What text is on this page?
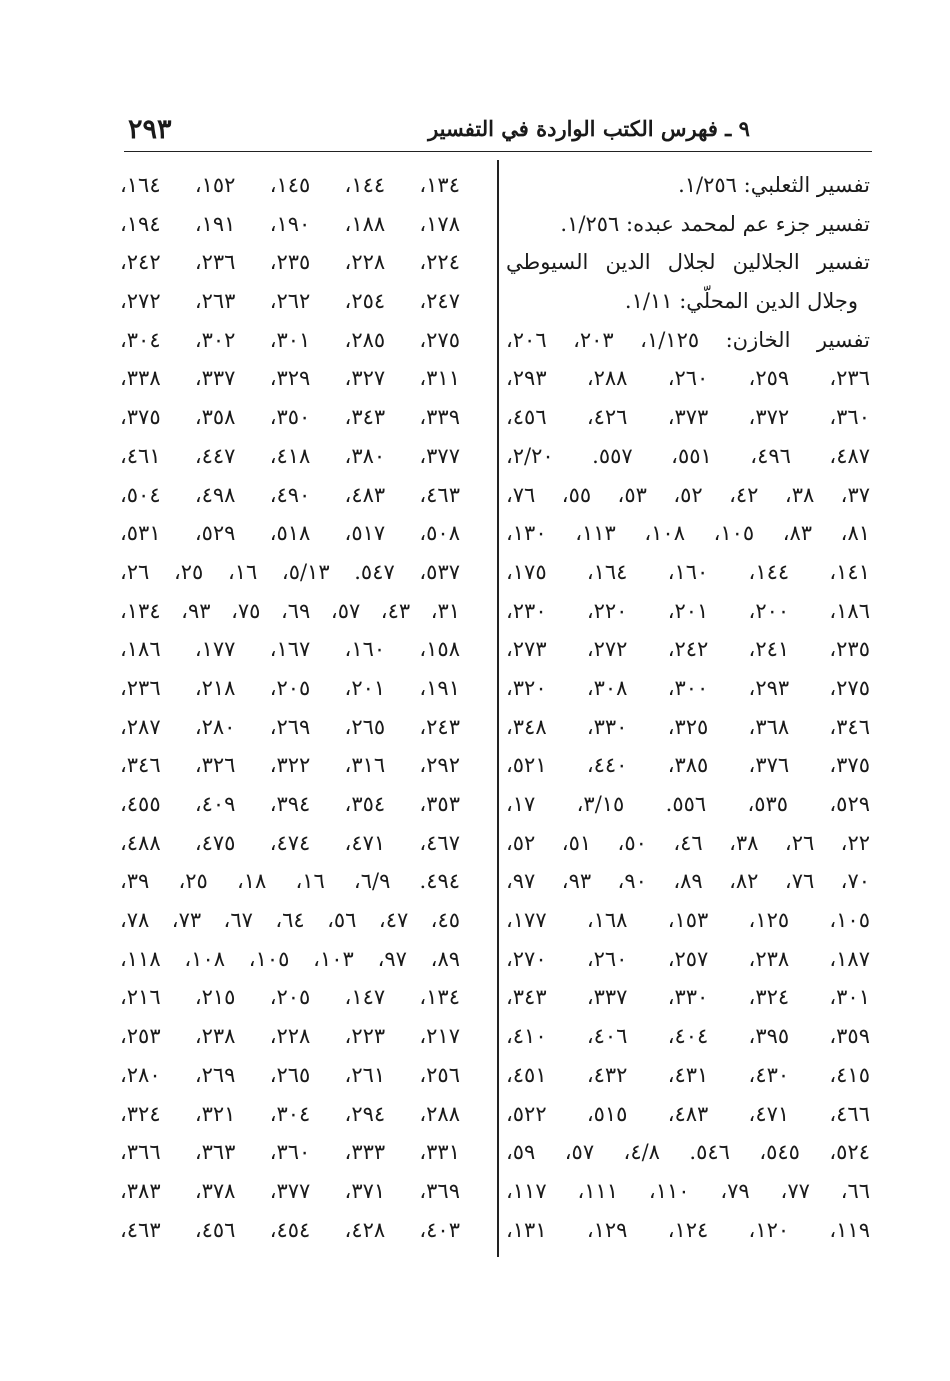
٢٩٣	٩ ـ فهرس الكتب الواردة في التفسير
تفسير الثعلبي: ١/٢٥٦.
تفسير جزء عم لمحمد عبده: ١/٢٥٦.
تفسير الجلالين لجلال الدين السيوطي
وجلال الدين المحلّي: ١/١١.
تفسير الخازن: ١/١٢٥، ٢٠٣، ٢٠٦،
٢٣٦، ٢٥٩، ٢٦٠، ٢٨٨، ٢٩٣،
٣٦٠، ٣٧٢، ٣٧٣، ٤٢٦، ٤٥٦،
٤٨٧، ٤٩٦، ٥٥١، ٥٥٧. ٢/٢٠،
٣٧، ٣٨، ٤٢، ٥٢، ٥٣، ٥٥، ٧٦،
٨١، ٨٣، ١٠٥، ١٠٨، ١١٣، ١٣٠،
١٤١، ١٤٤، ١٦٠، ١٦٤، ١٧٥،
١٨٦، ٢٠٠، ٢٠١، ٢٢٠، ٢٣٠،
٢٣٥، ٢٤١، ٢٤٢، ٢٧٢، ٢٧٣،
٢٧٥، ٢٩٣، ٣٠٠، ٣٠٨، ٣٢٠،
٣٤٦، ٣٦٨، ٣٢٥، ٣٣٠، ٣٤٨،
٣٧٥، ٣٧٦، ٣٨٥، ٤٤٠، ٥٢١،
٥٢٩، ٥٣٥، ٥٥٦. ٣/١٥، ١٧،
٢٢، ٢٦، ٣٨، ٤٦، ٥٠، ٥١، ٥٢،
٧٠، ٧٦، ٨٢، ٨٩، ٩٠، ٩٣، ٩٧،
١٠٥، ١٢٥، ١٥٣، ١٦٨، ١٧٧،
١٨٧، ٢٣٨، ٢٥٧، ٢٦٠، ٢٧٠،
٣٠١، ٣٢٤، ٣٣٠، ٣٣٧، ٣٤٣،
٣٥٩، ٣٩٥، ٤٠٤، ٤٠٦، ٤١٠،
٤١٥، ٤٣٠، ٤٣١، ٤٣٢، ٤٥١،
٤٦٦، ٤٧١، ٤٨٣، ٥١٥، ٥٢٢،
٥٢٤، ٥٤٥، ٥٤٦. ٤/٨، ٥٧، ٥٩،
٦٦، ٧٧، ٧٩، ١١٠، ١١١، ١١٧،
١١٩، ١٢٠، ١٢٤، ١٢٩، ١٣١،
١٣٤، ١٤٤، ١٤٥، ١٥٢، ١٦٤،
١٧٨، ١٨٨، ١٩٠، ١٩١، ١٩٤،
٢٢٤، ٢٢٨، ٢٣٥، ٢٣٦، ٢٤٢،
٢٤٧، ٢٥٤، ٢٦٢، ٢٦٣، ٢٧٢،
٢٧٥، ٢٨٥، ٣٠١، ٣٠٢، ٣٠٤،
٣١١، ٣٢٧، ٣٢٩، ٣٣٧، ٣٣٨،
٣٣٩، ٣٤٣، ٣٥٠، ٣٥٨، ٣٧٥،
٣٧٧، ٣٨٠، ٤١٨، ٤٤٧، ٤٦١،
٤٦٣، ٤٨٣، ٤٩٠، ٤٩٨، ٥٠٤،
٥٠٨، ٥١٧، ٥١٨، ٥٢٩، ٥٣١،
٥٣٧، ٥٤٧. ٥/١٣، ١٦، ٢٥، ٢٦،
٣١، ٤٣، ٥٧، ٦٩، ٧٥، ٩٣، ١٣٤،
١٥٨، ١٦٠، ١٦٧، ١٧٧، ١٨٦،
١٩١، ٢٠١، ٢٠٥، ٢١٨، ٢٣٦،
٢٤٣، ٢٦٥، ٢٦٩، ٢٨٠، ٢٨٧،
٢٩٢، ٣١٦، ٣٢٢، ٣٢٦، ٣٤٦،
٣٥٣، ٣٥٤، ٣٩٤، ٤٠٩، ٤٥٥،
٤٦٧، ٤٧١، ٤٧٤، ٤٧٥، ٤٨٨،
٤٩٤. ٦/٩، ١٦، ١٨، ٢٥، ٣٩،
٤٥، ٤٧، ٥٦، ٦٤، ٦٧، ٧٣، ٧٨،
٨٩، ٩٧، ١٠٣، ١٠٥، ١٠٨، ١١٨،
١٣٤، ١٤٧، ٢٠٥، ٢١٥، ٢١٦،
٢١٧، ٢٢٣، ٢٢٨، ٢٣٨، ٢٥٣،
٢٥٦، ٢٦١، ٢٦٥، ٢٦٩، ٢٨٠،
٢٨٨، ٢٩٤، ٣٠٤، ٣٢١، ٣٢٤،
٣٣١، ٣٣٣، ٣٦٠، ٣٦٣، ٣٦٦،
٣٦٩، ٣٧١، ٣٧٧، ٣٧٨، ٣٨٣،
٤٠٣، ٤٢٨، ٤٥٤، ٤٥٦، ٤٦٣،
